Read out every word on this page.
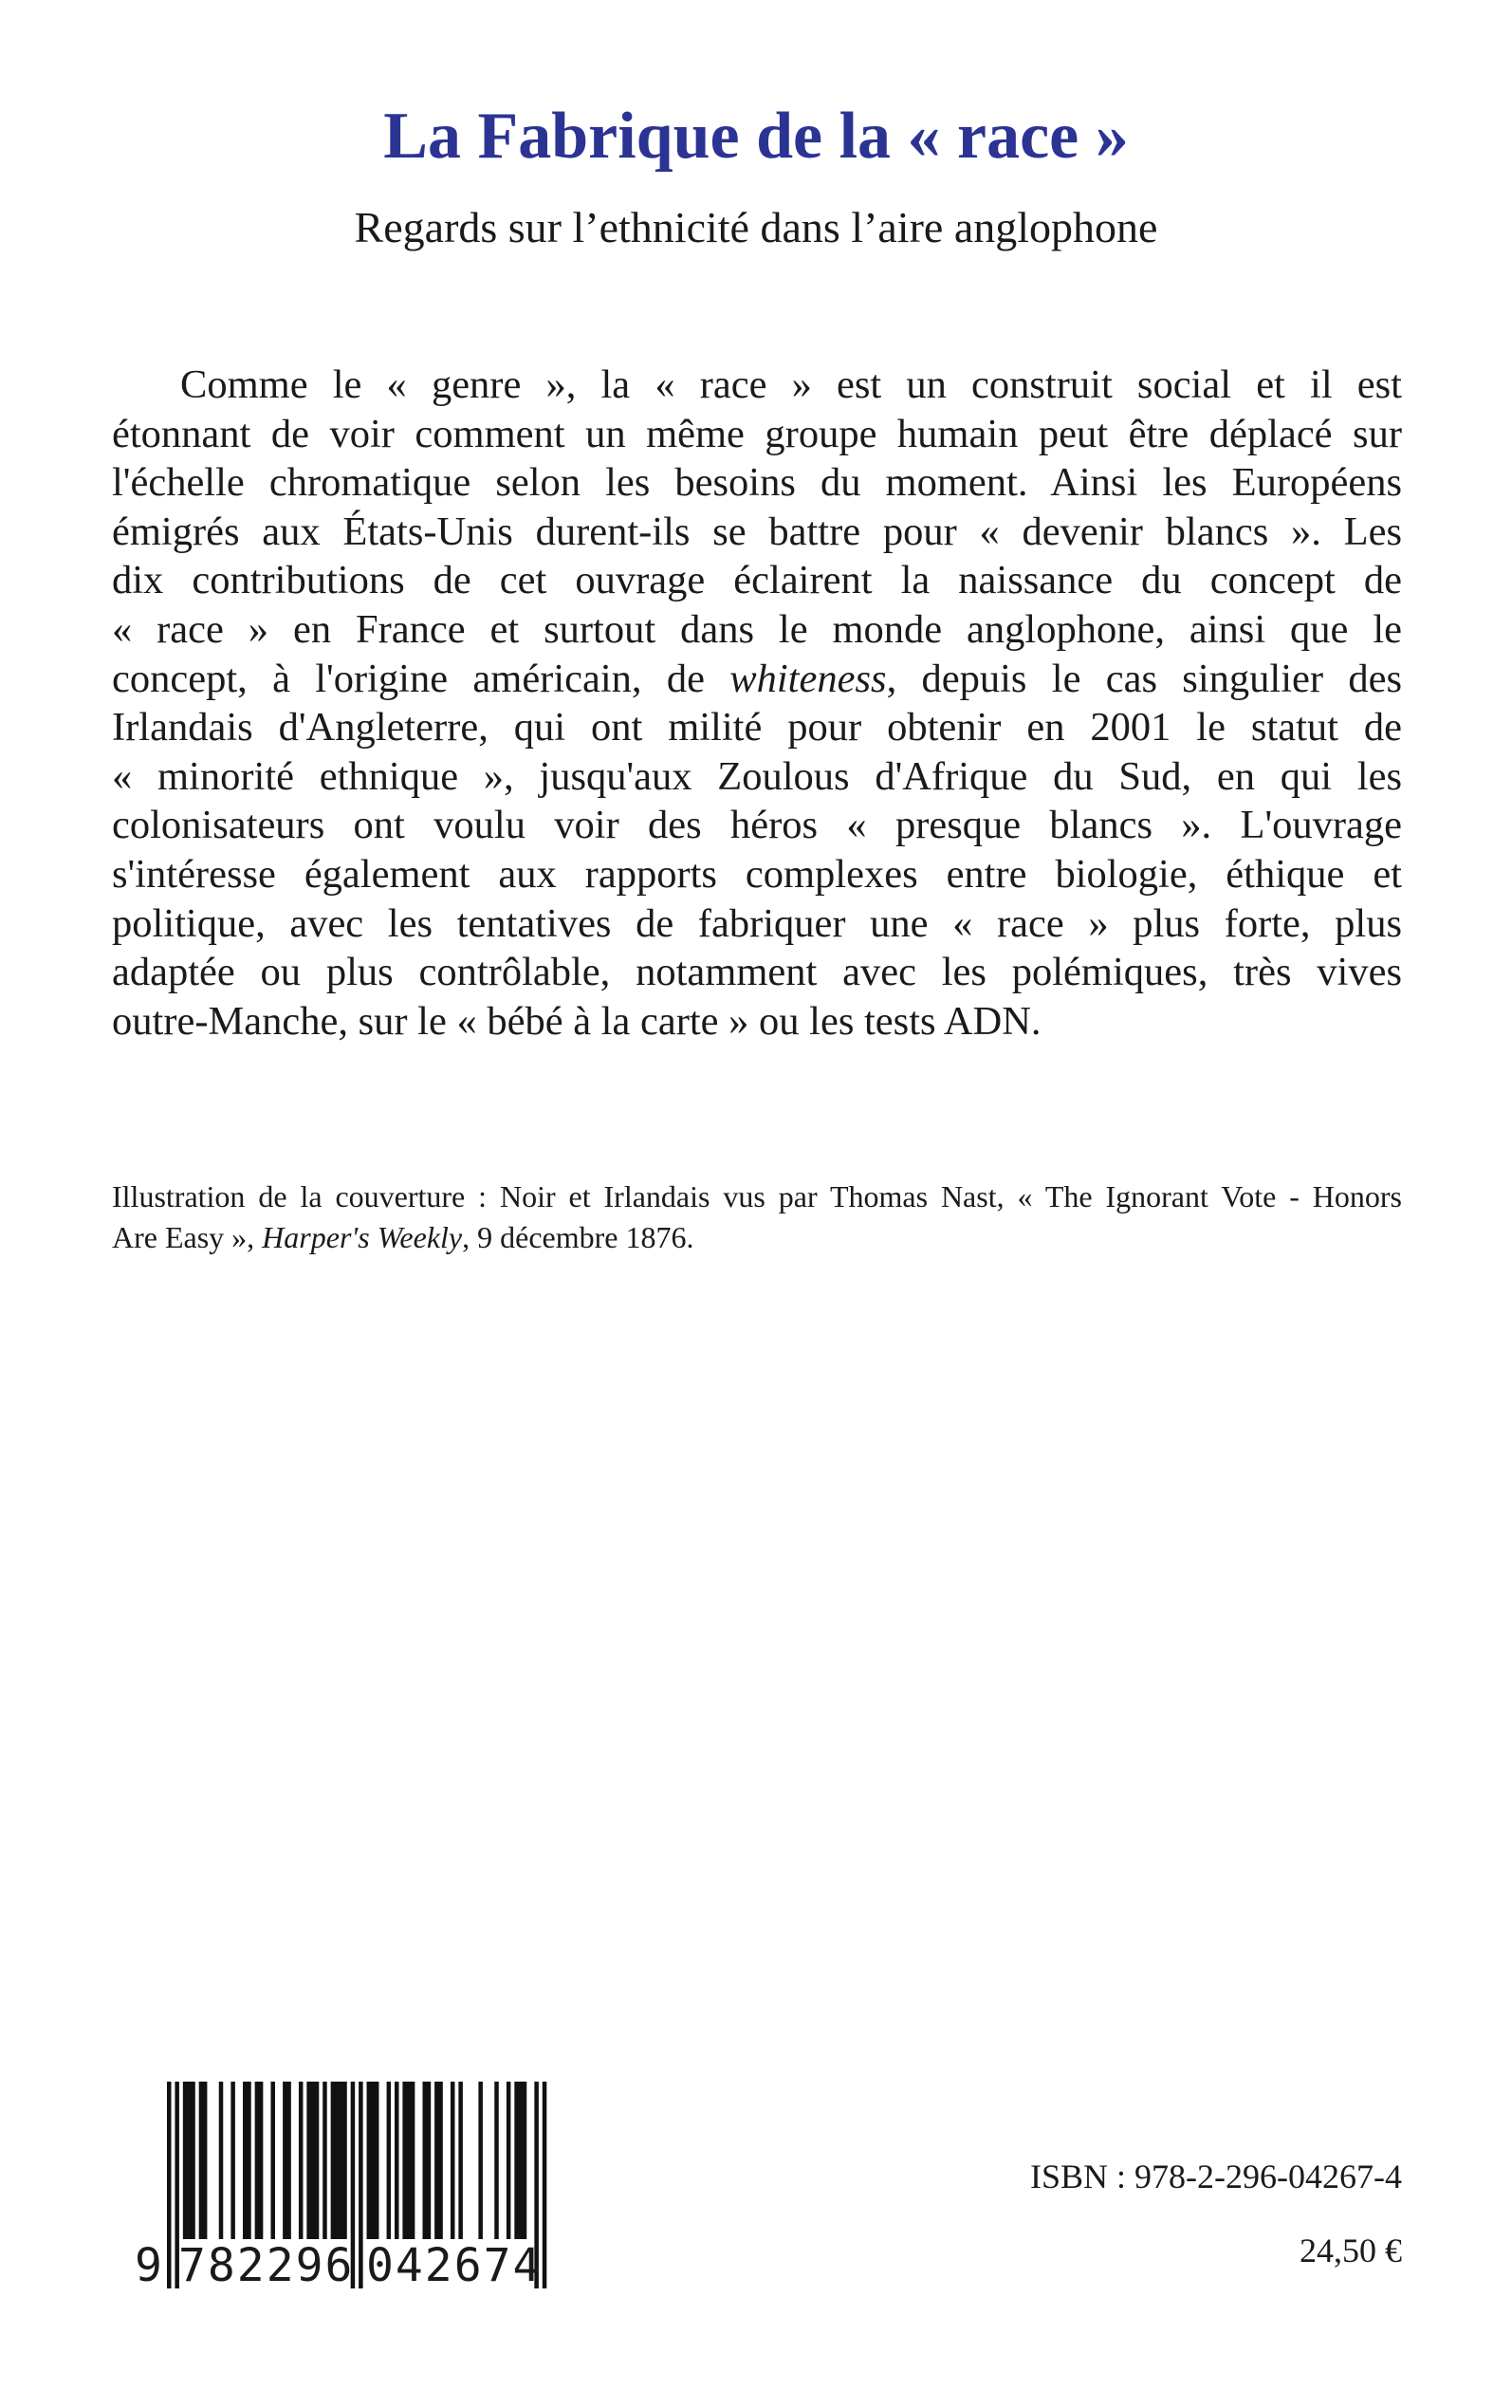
La Fabrique de la « race »
Regards sur l’ethnicité dans l’aire anglophone
Comme le « genre », la « race » est un construit social et il est
étonnant de voir comment un même groupe humain peut être déplacé sur
l'échelle chromatique selon les besoins du moment. Ainsi les Européens
émigrés aux États-Unis durent-ils se battre pour « devenir blancs ». Les
dix contributions de cet ouvrage éclairent la naissance du concept de
« race » en France et surtout dans le monde anglophone, ainsi que le
concept, à l'origine américain, de whiteness, depuis le cas singulier des
Irlandais d'Angleterre, qui ont milité pour obtenir en 2001 le statut de
« minorité ethnique », jusqu'aux Zoulous d'Afrique du Sud, en qui les
colonisateurs ont voulu voir des héros « presque blancs ». L'ouvrage
s'intéresse également aux rapports complexes entre biologie, éthique et
politique, avec les tentatives de fabriquer une « race » plus forte, plus
adaptée ou plus contrôlable, notamment avec les polémiques, très vives
outre-Manche, sur le « bébé à la carte » ou les tests ADN.
Illustration de la couverture : Noir et Irlandais vus par Thomas Nast, « The Ignorant Vote - Honors
Are Easy », Harper's Weekly, 9 décembre 1876.
9 782296 042674
ISBN : 978-2-296-04267-4
24,50 €
